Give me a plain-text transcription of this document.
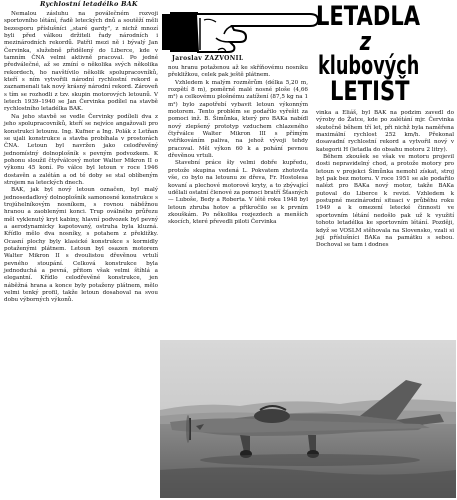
Rychlostní letadélko BAK
Jaroslav ZAZVONIL
LETADLA
z
klubových
LETIŠŤ

Nemalou zásluhu na poválečném rozvoji sportovního létání, řadě leteckých dnů a soutěží měli bezesporu příslušníci „staré gardy", z nichž mnozí byli před válkou držiteli řady národních i mezinárodních rekordů. Patřil mezi ně i bývalý Jan Červinka, služebně přidělený do Liberce, kde v tamním ČNA velmi aktivně pracoval. Po jedné předválečné, až se zmíní o několika svých několika rekordech, ho navštívilo několik spolupracovníků, kteří s ním vytvořili národní rychlostní rekord a zaznamenali tak nový krásný národní rekord. Zároveň s tím se rozhodli z tzv. skupin motorových letounů. V letech 1939–1940 se Jan Červinka podílel na stavbě rychlostního letadélka BAK.

Na jeho stavbě se vedle Červinky podíleli dva z jeho spolupracovníků, kteří se nejvíce angažovali pro konstrukci letounu. Ing. Kufner a Ing. Polák z Letňan se ujali konstrukce a stavba probíhala v prostorách ČNA. Letoun byl navržen jako celodřevěný jednomístný dolnoplošník s pevným podvozkem. K pohonu sloužil čtyřválcový motor Walter Mikron II o výkonu 45 koní. Po válce byl letoun v roce 1946 dostavěn a zalétán a od té doby se stal oblíbeným strojem na leteckých dnech.

BAK, jak byl nový letoun označen, byl malý jednosedadlový dolnoplošník samonosné konstrukce s trojúhelníkovým nosníkem, s rovnou náběžnou hranou a zaoblenými konci. Trup oválného průřezu měl vyklenutý kryt kabiny, hlavní podvozek byl pevný a aerodynamicky kapotovaný, ostruha byla kluzná. Křídlo mělo dva nosníky, s potahem z překližky. Ocasní plochy byly klasické konstrukce s kormidly potaženými plátnem. Letoun byl osazen motorem Walter Mikron II s dvoulistou dřevěnou vrtulí pevného stoupání. Celková konstrukce byla jednoduchá a pevná, přitom však velmi štíhlá a elegantní. Křídlo celodřevěné konstrukce, jen náběžná hrana a konce byly potaženy plátnem, mělo velmi tenký profil, takže letoun dosahoval na svou dobu výborných výkonů.

nou hranu potaženou až ke skříňovému nosníku překližkou, celek pak ještě plátnem.

Vzhledem k malým rozměrům (délka 5,20 m, rozpětí 8 m), poměrně malé nosné ploše (4,66 m²) a celkovému plošnému zatížení (87,5 kg na 1 m²) bylo zapotřebí vybavit letoun výkonným motorem. Tento problém se podařilo vyřešit za pomoci inž. B. Šimůnka, který pro BAKa nabídl nový zlepšený prototyp vzduchem chlazeného čtyřválce Walter Mikron III s přímým vstřikováním paliva, na jehož vývoji tehdy pracoval. Měl výkon 60 k a pohání pevnou dřevěnou vrtuli.

Stavební práce šly velmi dobře kupředu, protože skupina vedená L. Pokvatem zhotovila vše, co bylo na letounu ze dřeva, Fr. Hostolesa kovaní a plechové motorové kryty, a to zbývající udělali ostatní členové za pomoci bratří Šťasných — Luboše, Bedy a Roberta. V létě roku 1948 byl letoun zhruba hotov a přikročilo se k prvním zkouškám. Po několika rozjezdech a menších skocích, které převedli piloti Červinka

vinka a Eliáš, byl BAK na podzim zavedl do výroby do Žatce, kde po zalétání mjr. Červinka skutečně během tří let, při nichž byla naměřena maximální rychlost 252 km/h. Překonal dosavadní rychlostní rekord a vytvořil nový v kategorii H (letadla do obsahu motoru 2 litry).

Během zkoušek se však ve motoru projevil dosti nepravidelný chod, a protože motory pro letoun v projekci Šimůnka nemohl získat, stroj byl pak bez motoru. V roce 1951 se ale podařilo nalézt pro BAKa nový motor, takže BAKa putoval do Liberce k revizi. Vzhledem k postupné mezinárodní situaci v průběhu roku 1949 a k omezení letecké činnosti ve sportovním létání nedošlo pak už k využití tohoto letadélka ke sportovním létání. Později, když se VOSLM stěhovala na Slovensko, vzali si její příslušníci BAKa na památku s sebou. Dochoval se tam i dodnes
